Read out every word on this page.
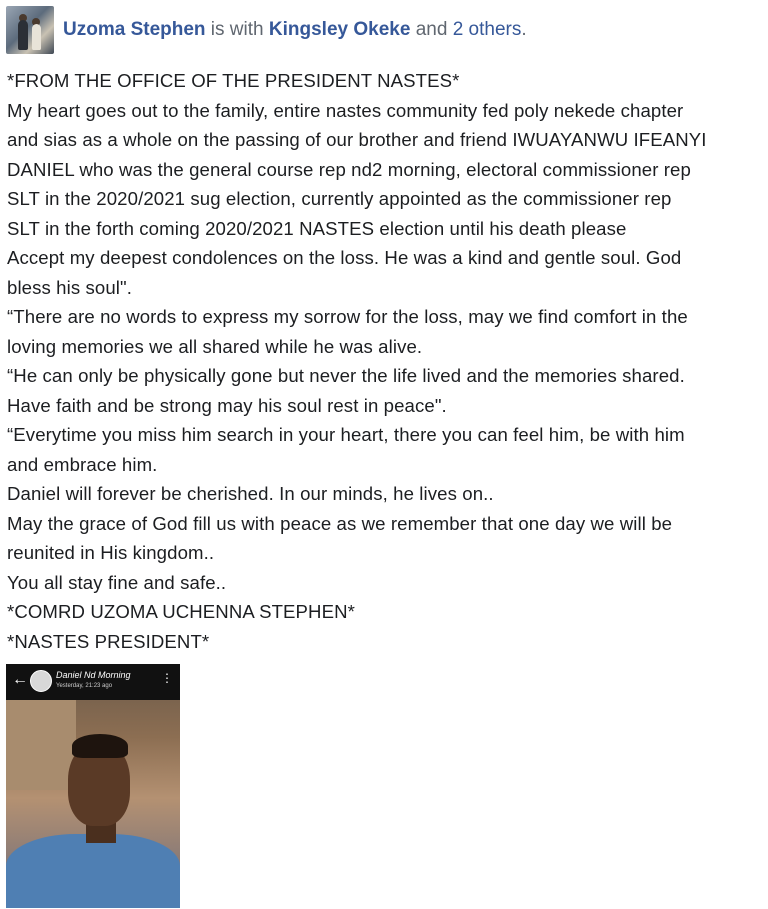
Uzoma Stephen is with Kingsley Okeke and 2 others.

*FROM THE OFFICE OF THE PRESIDENT NASTES*

My heart goes out to the family, entire nastes community fed poly nekede chapter

and sias as a whole on the passing of our brother and friend IWUAYANWU IFEANYI

DANIEL who was the general course rep nd2 morning, electoral commissioner rep

SLT in the 2020/2021 sug election, currently appointed as the commissioner rep

SLT in the forth coming 2020/2021 NASTES election until his death please

Accept my deepest condolences on the loss. He was a kind and gentle soul. God

bless his soul".

“There are no words to express my sorrow for the loss, may we find comfort in the

loving memories we all shared while he was alive.

“He can only be physically gone but never the life lived and the memories shared.

Have faith and be strong may his soul rest in peace".

“Everytime you miss him search in your heart, there you can feel him, be with him

and embrace him.

Daniel will forever be cherished. In our minds, he lives on..

May the grace of God fill us with peace as we remember that one day we will be

reunited in His kingdom..

You all stay fine and safe..

*COMRD UZOMA UCHENNA STEPHEN*

*NASTES PRESIDENT*

←	Daniel Nd Morning
Yesterday, 21:23 ago
⋮
